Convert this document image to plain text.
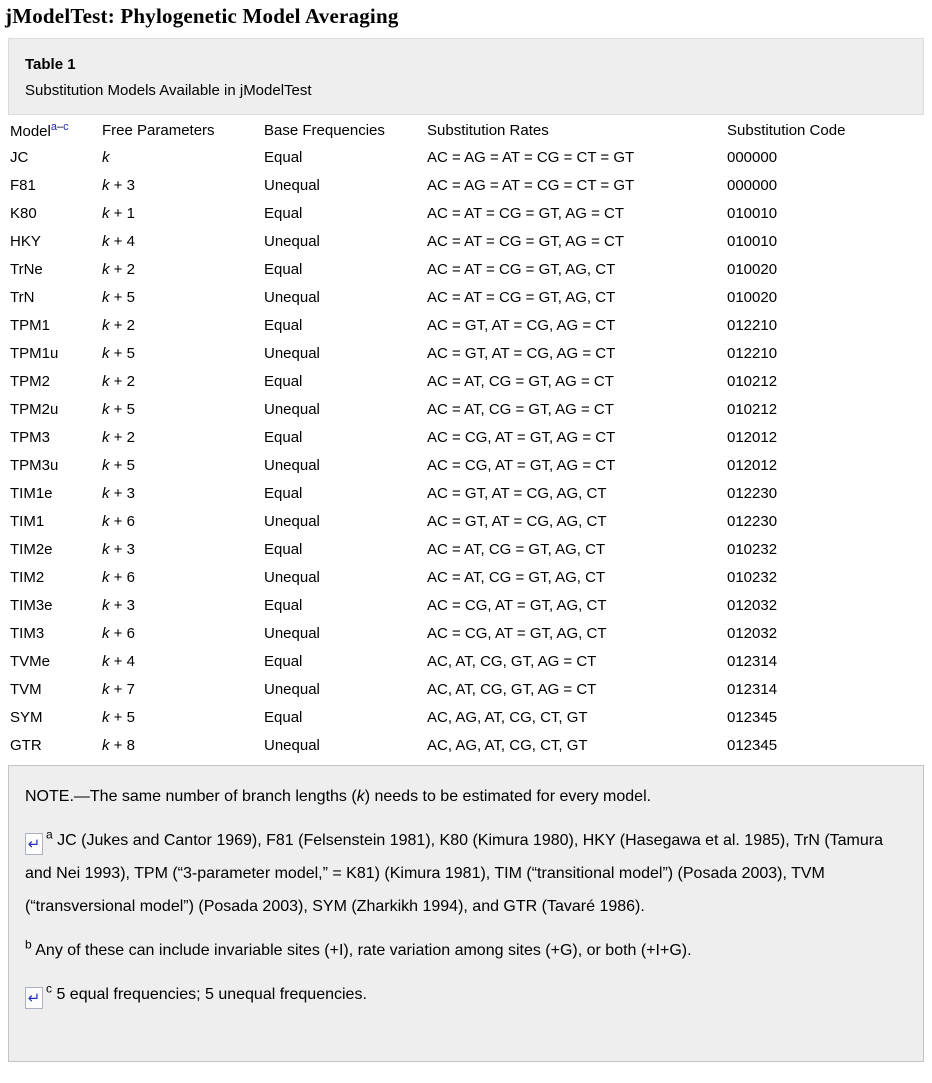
jModelTest: Phylogenetic Model Averaging
Table 1
Substitution Models Available in jModelTest
Model$^{a-c}$	Free Parameters	Base Frequencies	Substitution Rates	Substitution Code
JC	k	Equal	AC = AG = AT = CG = CT = GT	000000
F81	k + 3	Unequal	AC = AG = AT = CG = CT = GT	000000
K80	k + 1	Equal	AC = AT = CG = GT, AG = CT	010010
HKY	k + 4	Unequal	AC = AT = CG = GT, AG = CT	010010
TrNe	k + 2	Equal	AC = AT = CG = GT, AG, CT	010020
TrN	k + 5	Unequal	AC = AT = CG = GT, AG, CT	010020
TPM1	k + 2	Equal	AC = GT, AT = CG, AG = CT	012210
TPM1u	k + 5	Unequal	AC = GT, AT = CG, AG = CT	012210
TPM2	k + 2	Equal	AC = AT, CG = GT, AG = CT	010212
TPM2u	k + 5	Unequal	AC = AT, CG = GT, AG = CT	010212
TPM3	k + 2	Equal	AC = CG, AT = GT, AG = CT	012012
TPM3u	k + 5	Unequal	AC = CG, AT = GT, AG = CT	012012
TIM1e	k + 3	Equal	AC = GT, AT = CG, AG, CT	012230
TIM1	k + 6	Unequal	AC = GT, AT = CG, AG, CT	012230
TIM2e	k + 3	Equal	AC = AT, CG = GT, AG, CT	010232
TIM2	k + 6	Unequal	AC = AT, CG = GT, AG, CT	010232
TIM3e	k + 3	Equal	AC = CG, AT = GT, AG, CT	012032
TIM3	k + 6	Unequal	AC = CG, AT = GT, AG, CT	012032
TVMe	k + 4	Equal	AC, AT, CG, GT, AG = CT	012314
TVM	k + 7	Unequal	AC, AT, CG, GT, AG = CT	012314
SYM	k + 5	Equal	AC, AG, AT, CG, CT, GT	012345
GTR	k + 8	Unequal	AC, AG, AT, CG, CT, GT	012345

NOTE.—The same number of branch lengths (k) needs to be estimated for every model.

↵$^a$ JC (Jukes and Cantor 1969), F81 (Felsenstein 1981), K80 (Kimura 1980), HKY (Hasegawa et al. 1985), TrN (Tamura and Nei 1993), TPM (“3-parameter model,” = K81) (Kimura 1981), TIM (“transitional model”) (Posada 2003), TVM (“transversional model”) (Posada 2003), SYM (Zharkikh 1994), and GTR (Tavaré 1986).

$^b$ Any of these can include invariable sites (+I), rate variation among sites (+G), or both (+I+G).

↵$^c$ 5 equal frequencies; 5 unequal frequencies.
